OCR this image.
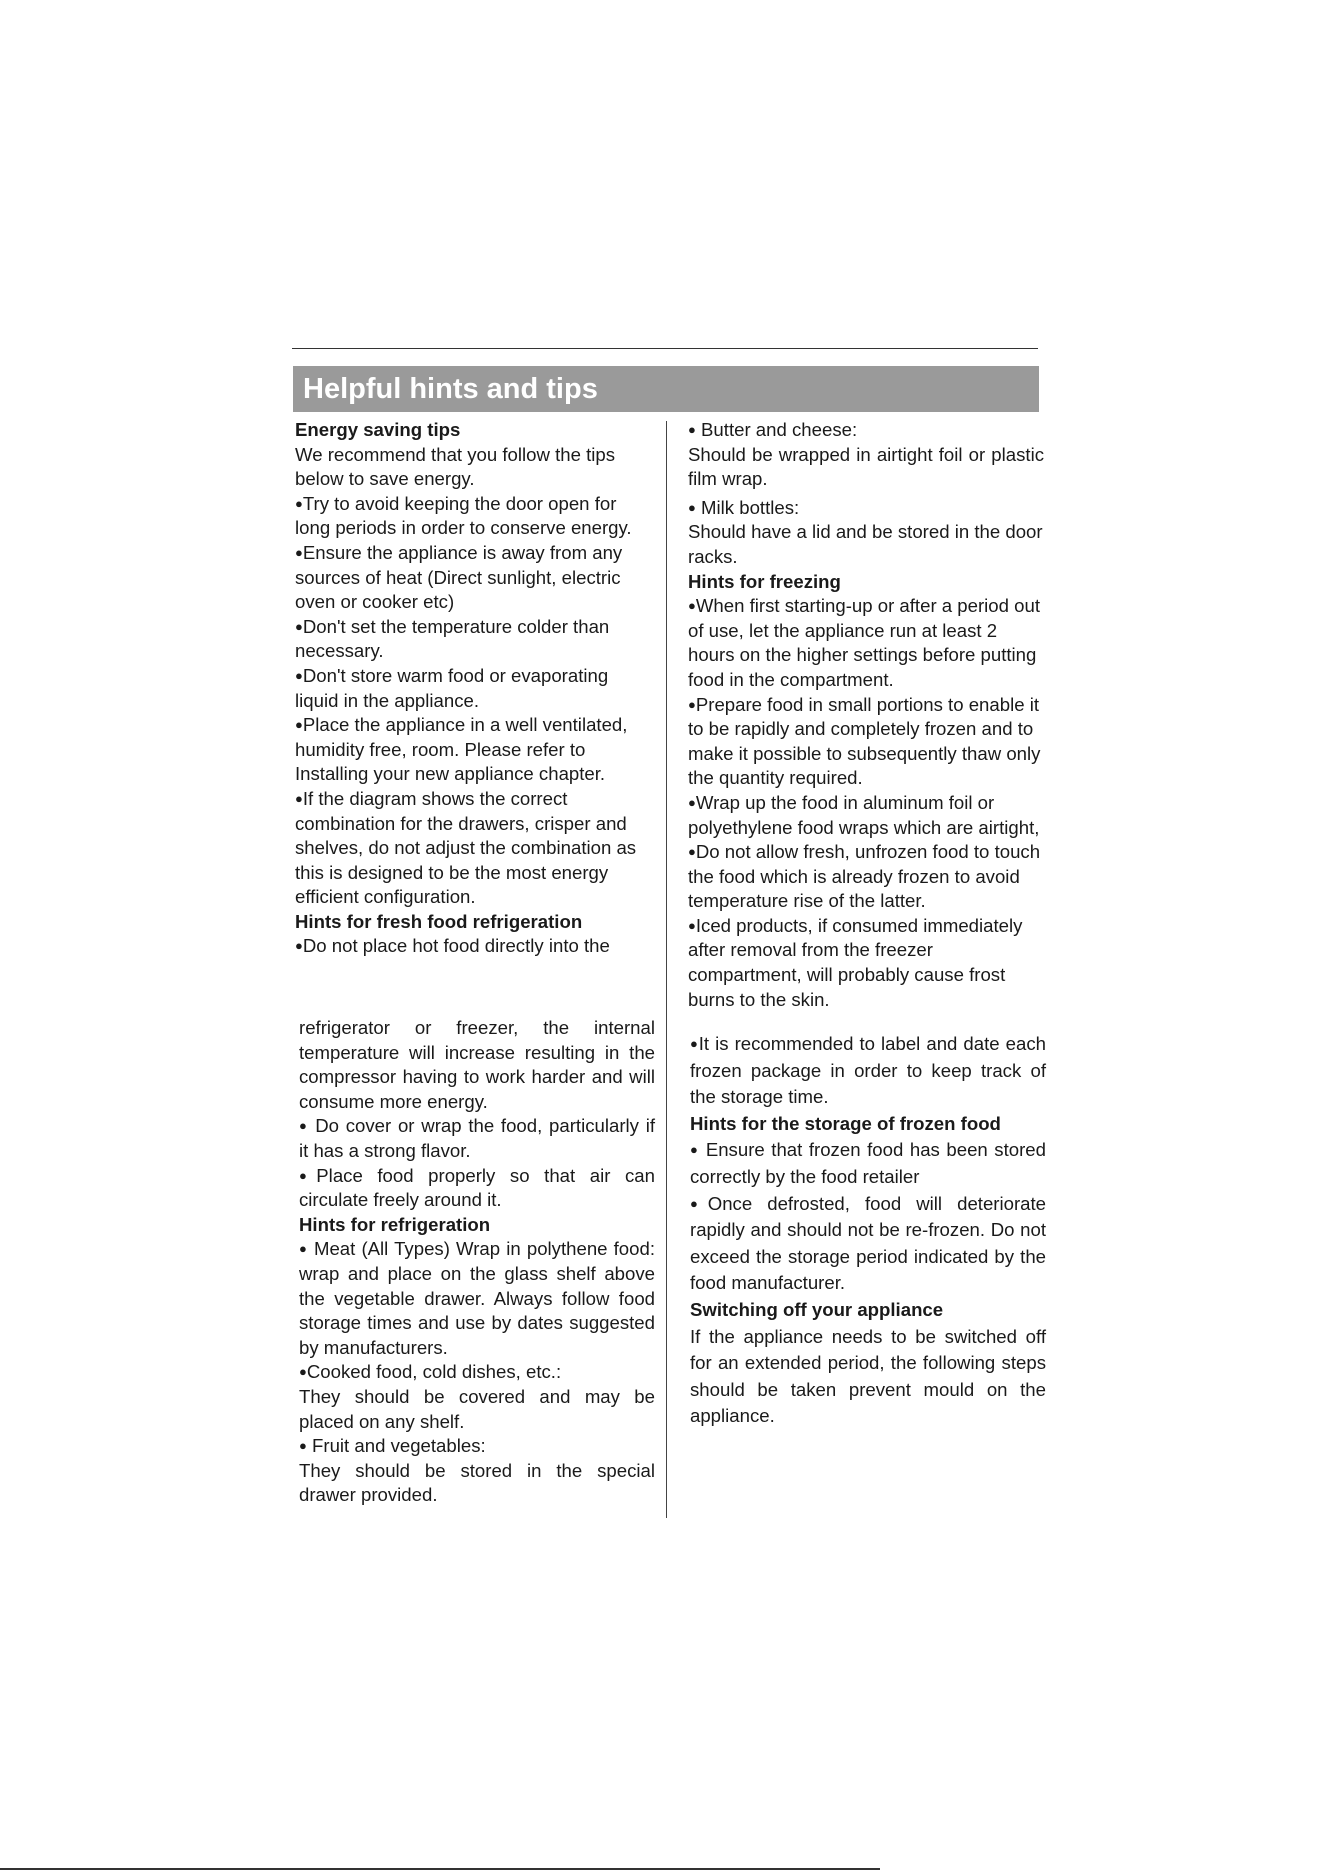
Helpful hints and tips

Energy saving tips

We recommend that you follow the tips below to save energy.

●Try to avoid keeping the door open for long periods in order to conserve energy.

●Ensure the appliance is away from any sources of heat (Direct sunlight, electric oven or cooker etc)

●Don't set the temperature colder than necessary.

●Don't store warm food or evaporating liquid in the appliance.

●Place the appliance in a well ventilated, humidity free, room. Please refer to Installing your new appliance chapter.

●If the diagram shows the correct combination for the drawers, crisper and shelves, do not adjust the combination as this is designed to be the most energy efficient configuration.

Hints for fresh food refrigeration

●Do not place hot food directly into the

refrigerator or freezer, the internal temperature will increase resulting in the compressor having to work harder and will consume more energy.

● Do cover or wrap the food, particularly if it has a strong flavor.

●Place food properly so that air can circulate freely around it.

Hints for refrigeration

● Meat (All Types) Wrap in polythene food: wrap and place on the glass shelf above the vegetable drawer. Always follow food storage times and use by dates suggested by manufacturers.

●Cooked food, cold dishes, etc.:

They should be covered and may be placed on any shelf.

● Fruit and vegetables:

They should be stored in the special drawer provided.

● Butter and cheese:

Should be wrapped in airtight foil or plastic film wrap.

● Milk bottles:

Should have a lid and be stored in the door racks.

Hints for freezing

●When first starting-up or after a period out of use, let the appliance run at least 2 hours on the higher settings before putting food in the compartment.

●Prepare food in small portions to enable it to be rapidly and completely frozen and to make it possible to subsequently thaw only the quantity required.

●Wrap up the food in aluminum foil or polyethylene food wraps which are airtight,

●Do not allow fresh, unfrozen food to touch the food which is already frozen to avoid temperature rise of the latter.

●Iced products, if consumed immediately after removal from the freezer compartment, will probably cause frost burns to the skin.

●It is recommended to label and date each frozen package in order to keep track of the storage time.

Hints for the storage of frozen food

● Ensure that frozen food has been stored correctly by the food retailer

●Once defrosted, food will deteriorate rapidly and should not be re-frozen. Do not exceed the storage period indicated by the food manufacturer.

Switching off your appliance

If the appliance needs to be switched off for an extended period, the following steps should be taken prevent mould on the appliance.
